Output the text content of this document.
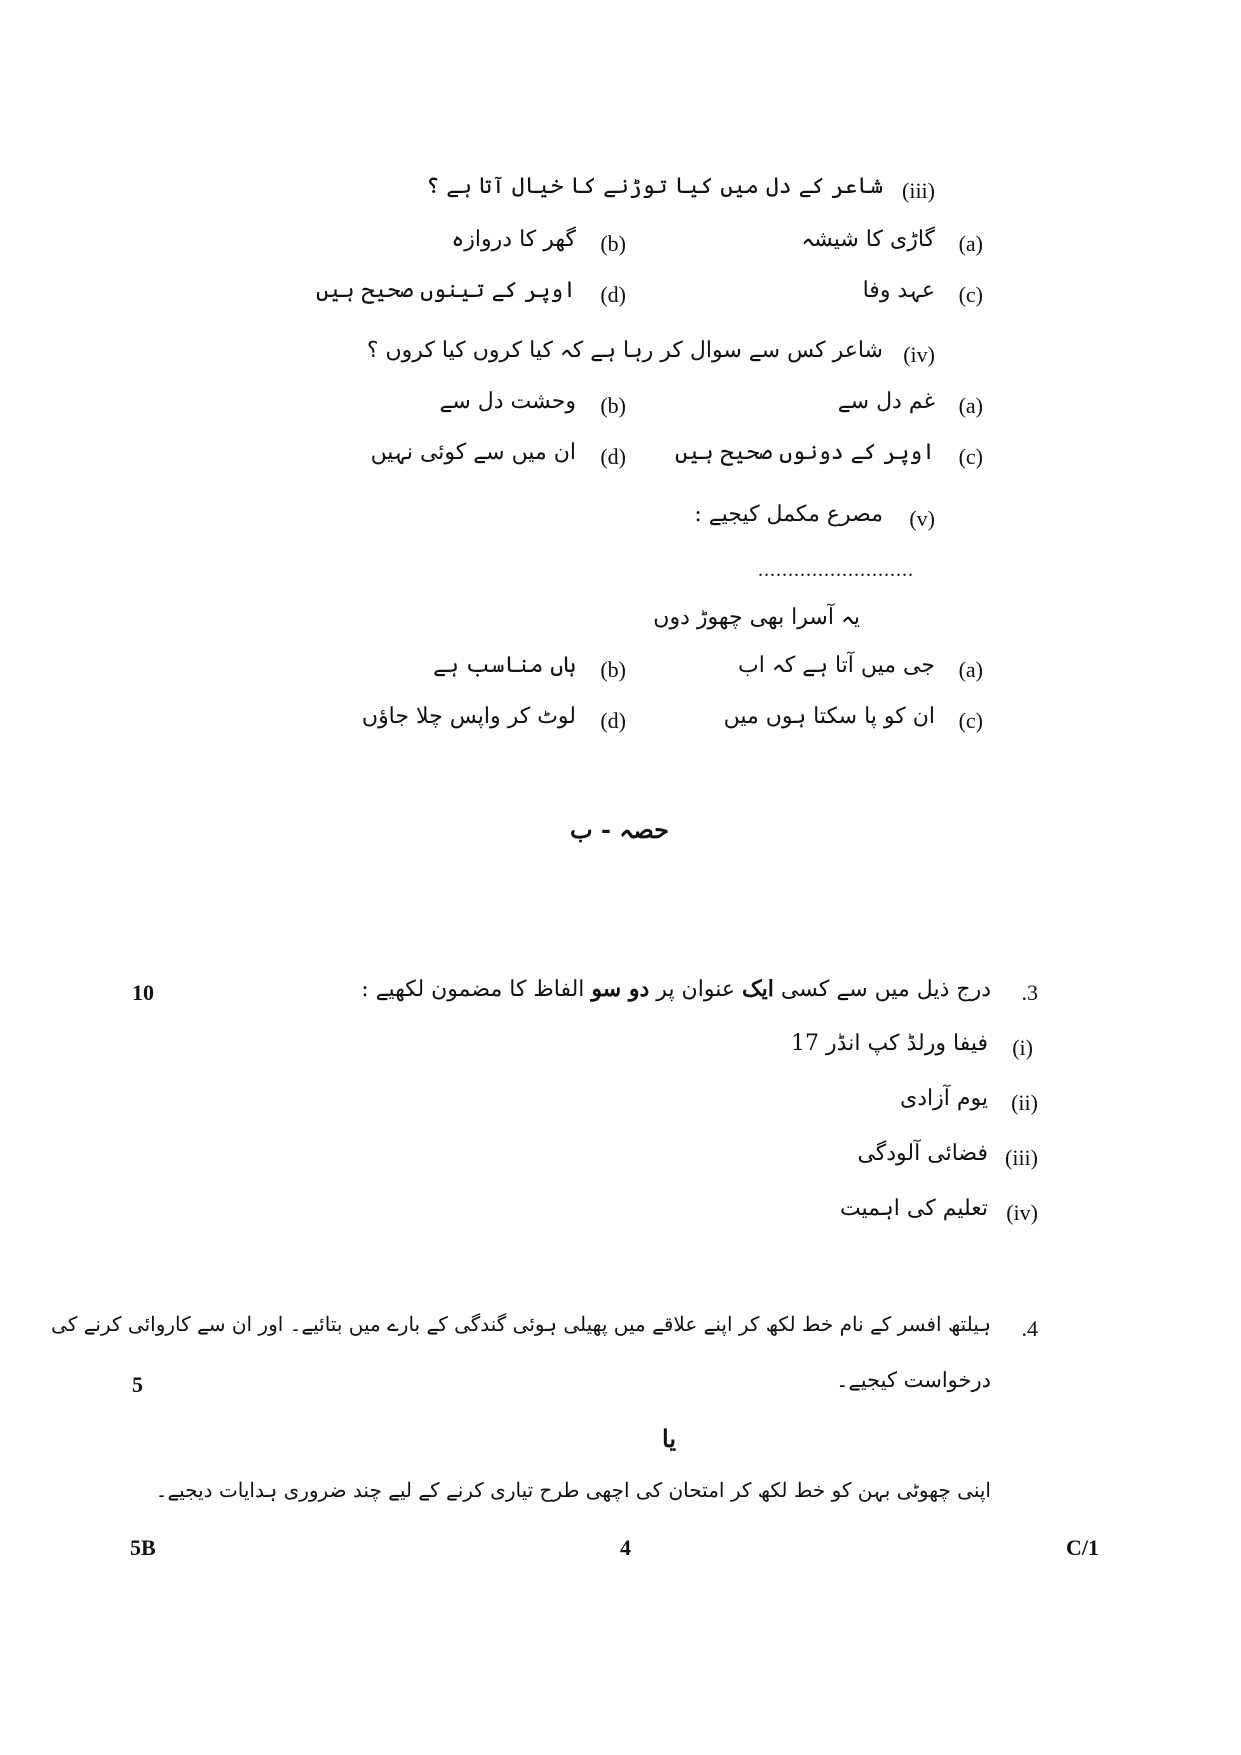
(iii)
شاعر کے دل میں کیا توڑنے کا خیال آتا ہے ؟
(a)
گاڑی کا شیشہ
(b)
گھر کا دروازہ
(c)
عہد وفا
(d)
اوپر کے تینوں صحیح ہیں
(iv)
شاعر کس سے سوال کر رہا ہے کہ کیا کروں کیا کروں ؟
(a)
غم دل سے
(b)
وحشت دل سے
(c)
اوپر کے دونوں صحیح ہیں
(d)
ان میں سے کوئی نہیں
(v)
مصرع مکمل کیجیے :
..........................
یہ آسرا بھی چھوڑ دوں
(a)
جی میں آتا ہے کہ اب
(b)
ہاں مناسب ہے
(c)
ان کو پا سکتا ہوں میں
(d)
لوٹ کر واپس چلا جاؤں
حصہ - ب
.3
درج ذیل میں سے کسی ایک عنوان پر دو سو الفاظ کا مضمون لکھیے :
10
(i)
فیفا ورلڈ کپ انڈر 17
(ii)
یوم آزادی
(iii)
فضائی آلودگی
(iv)
تعلیم کی اہمیت
.4
ہیلتھ افسر کے نام خط لکھ کر اپنے علاقے میں پھیلی ہوئی گندگی کے بارے میں بتائیے۔ اور ان سے کاروائی کرنے کی
درخواست کیجیے۔
5
یا
اپنی چھوٹی بہن کو خط لکھ کر امتحان کی اچھی طرح تیاری کرنے کے لیے چند ضروری ہدایات دیجیے۔
5B	4	C/1
